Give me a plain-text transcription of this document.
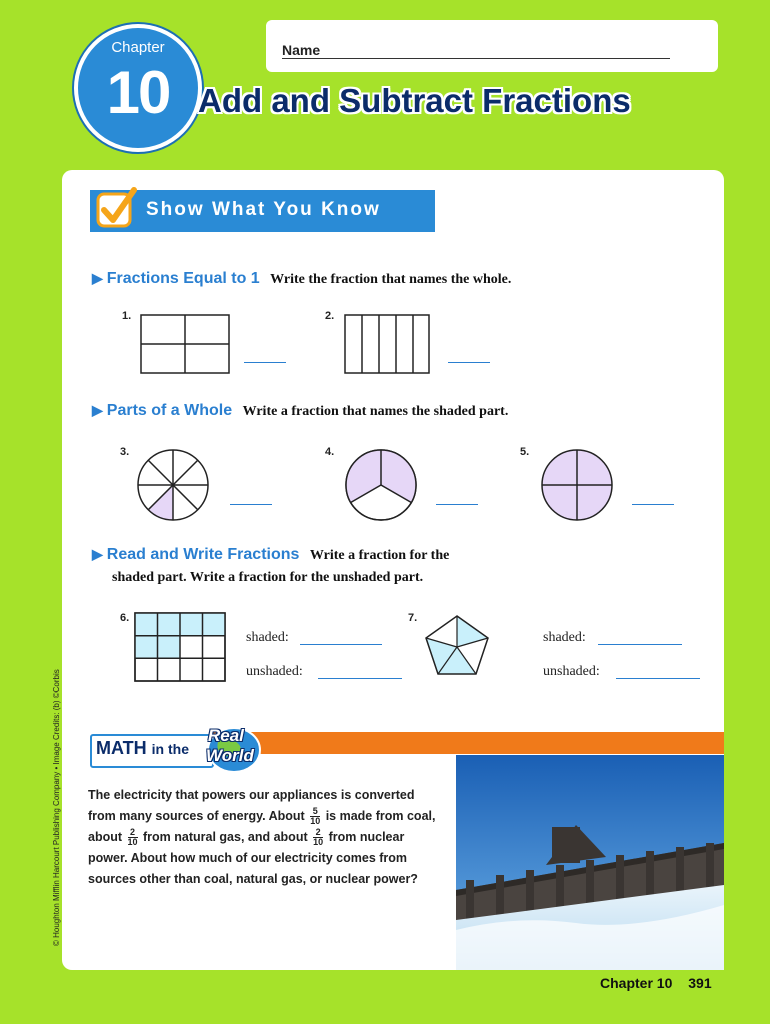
Name
Chapter
10 Add and Subtract Fractions
Show What You Know
▶ Fractions Equal to 1 Write the fraction that names the whole.
1.	2.
▶ Parts of a Whole Write a fraction that names the shaded part.
3.	4.	5.
▶ Read and Write Fractions Write a fraction for the
shaded part. Write a fraction for the unshaded part.
6.
shaded:
unshaded:
7.
shaded:
unshaded:
© Houghton Mifflin Harcourt Publishing Company • Image Credits: (b) ©Corbis MATH in the
Real
World
The electricity that powers our appliances is converted
from many sources of energy. About $\frac{5}{10}$ is made from coal,
about $\frac{2}{10}$ from natural gas, and about $\frac{2}{10}$ from nuclear
power. About how much of our electricity comes from
sources other than coal, natural gas, or nuclear power?
Chapter 10 391
